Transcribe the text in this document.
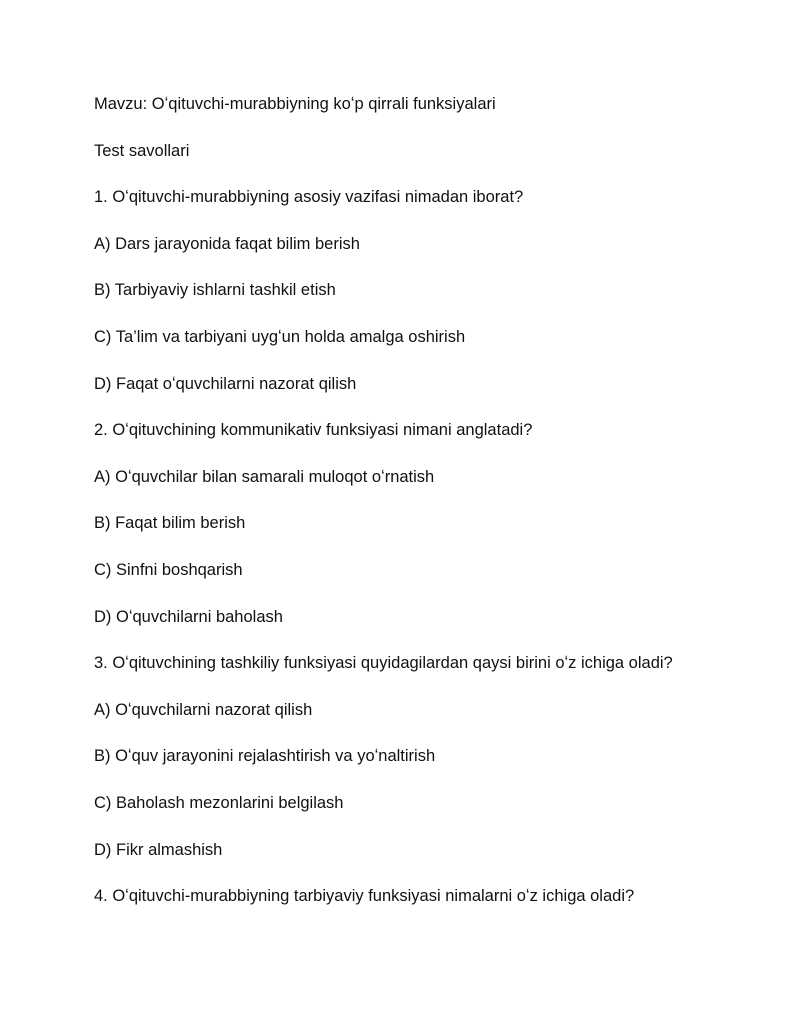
Mavzu: Oʻqituvchi-murabbiyning koʻp qirrali funksiyalari
Test savollari
1. Oʻqituvchi-murabbiyning asosiy vazifasi nimadan iborat?
A) Dars jarayonida faqat bilim berish
B) Tarbiyaviy ishlarni tashkil etish
C) Ta’lim va tarbiyani uygʻun holda amalga oshirish
D) Faqat oʻquvchilarni nazorat qilish
2. Oʻqituvchining kommunikativ funksiyasi nimani anglatadi?
A) Oʻquvchilar bilan samarali muloqot oʻrnatish
B) Faqat bilim berish
C) Sinfni boshqarish
D) Oʻquvchilarni baholash
3. Oʻqituvchining tashkiliy funksiyasi quyidagilardan qaysi birini oʻz ichiga oladi?
A) Oʻquvchilarni nazorat qilish
B) Oʻquv jarayonini rejalashtirish va yoʻnaltirish
C) Baholash mezonlarini belgilash
D) Fikr almashish
4. Oʻqituvchi-murabbiyning tarbiyaviy funksiyasi nimalarni oʻz ichiga oladi?
